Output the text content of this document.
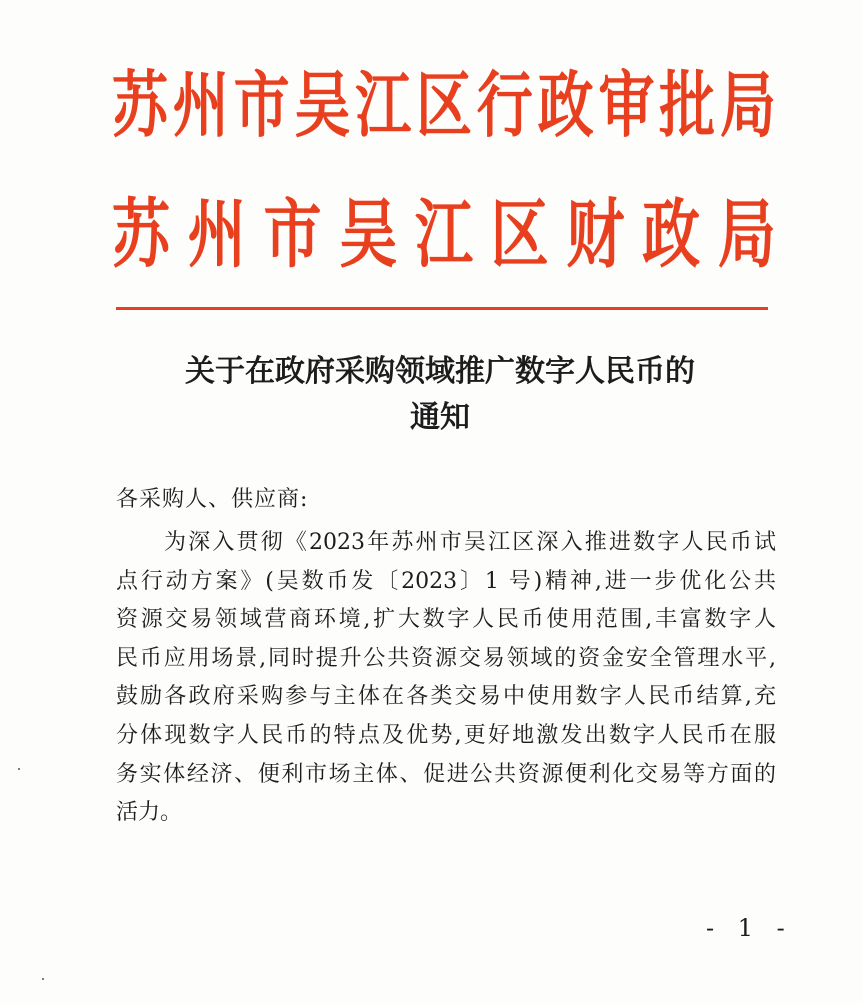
苏 州 市 吴 江 区 行 政 审 批 局
苏 州 市 吴 江 区 财 政 局
关于在政府采购领域推广数字人民币的
通知
各采购人、供应商:
为深入贯彻《2023年苏州市吴江区深入推进数字人民币试
点行动方案》(吴数币发〔2023〕1 号)精神,进一步优化公共
资源交易领域营商环境,扩大数字人民币使用范围,丰富数字人
民币应用场景,同时提升公共资源交易领域的资金安全管理水平,
鼓励各政府采购参与主体在各类交易中使用数字人民币结算,充
分体现数字人民币的特点及优势,更好地激发出数字人民币在服
务实体经济、便利市场主体、促进公共资源便利化交易等方面的
活力。
- 1 -
